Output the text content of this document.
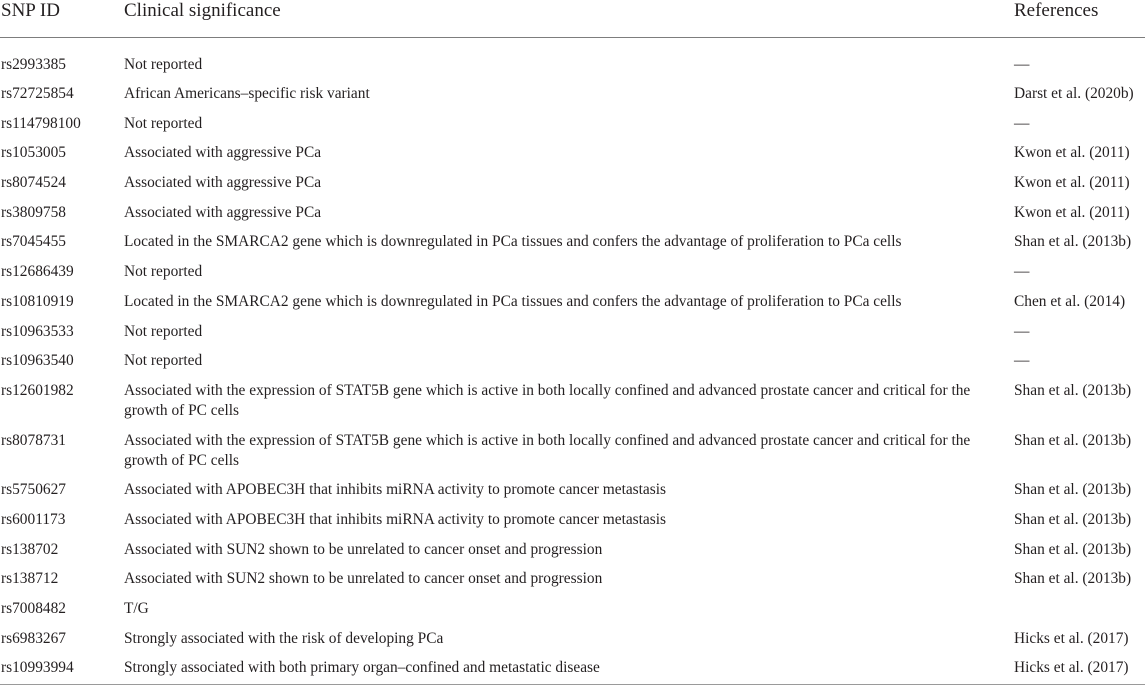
SNP ID	Clinical significance	References
rs2993385	Not reported	—
rs72725854	African Americans–specific risk variant	Darst et al. (2020b)
rs114798100	Not reported	—
rs1053005	Associated with aggressive PCa	Kwon et al. (2011)
rs8074524	Associated with aggressive PCa	Kwon et al. (2011)
rs3809758	Associated with aggressive PCa	Kwon et al. (2011)
rs7045455	Located in the SMARCA2 gene which is downregulated in PCa tissues and confers the advantage of proliferation to PCa cells	Shan et al. (2013b)
rs12686439	Not reported	—
rs10810919	Located in the SMARCA2 gene which is downregulated in PCa tissues and confers the advantage of proliferation to PCa cells	Chen et al. (2014)
rs10963533	Not reported	—
rs10963540	Not reported	—
rs12601982	Associated with the expression of STAT5B gene which is active in both locally confined and advanced prostate cancer and critical for the growth of PC cells	Shan et al. (2013b)
rs8078731	Associated with the expression of STAT5B gene which is active in both locally confined and advanced prostate cancer and critical for the growth of PC cells	Shan et al. (2013b)
rs5750627	Associated with APOBEC3H that inhibits miRNA activity to promote cancer metastasis	Shan et al. (2013b)
rs6001173	Associated with APOBEC3H that inhibits miRNA activity to promote cancer metastasis	Shan et al. (2013b)
rs138702	Associated with SUN2 shown to be unrelated to cancer onset and progression	Shan et al. (2013b)
rs138712	Associated with SUN2 shown to be unrelated to cancer onset and progression	Shan et al. (2013b)
rs7008482	T/G	
rs6983267	Strongly associated with the risk of developing PCa	Hicks et al. (2017)
rs10993994	Strongly associated with both primary organ–confined and metastatic disease	Hicks et al. (2017)
